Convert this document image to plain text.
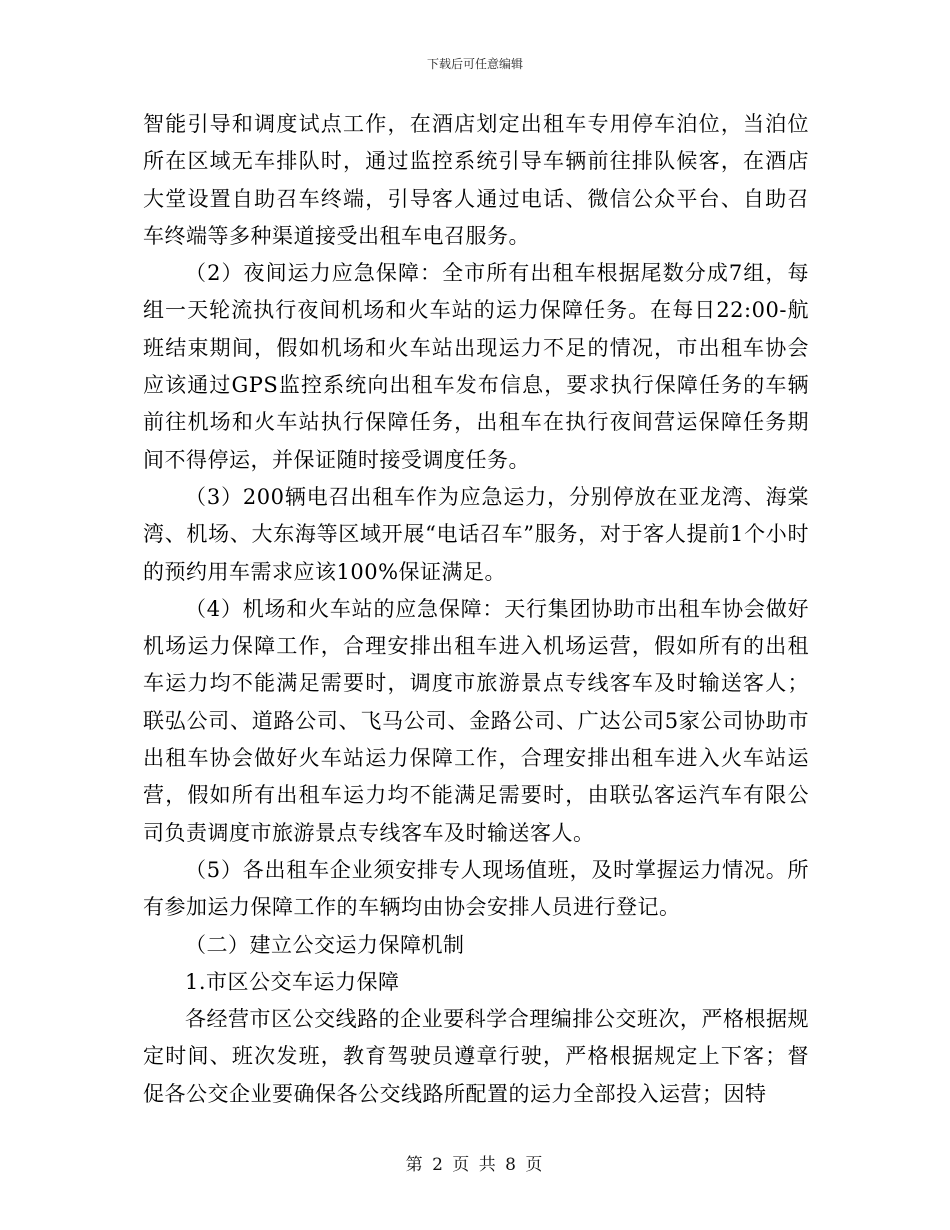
下载后可任意编辑

智能引导和调度试点工作，在酒店划定出租车专用停车泊位，当泊位所在区域无车排队时，通过监控系统引导车辆前往排队候客，在酒店大堂设置自助召车终端，引导客人通过电话、微信公众平台、自助召车终端等多种渠道接受出租车电召服务。

（2）夜间运力应急保障：全市所有出租车根据尾数分成7组，每组一天轮流执行夜间机场和火车站的运力保障任务。在每日22:00-航班结束期间，假如机场和火车站出现运力不足的情况，市出租车协会应该通过GPS监控系统向出租车发布信息，要求执行保障任务的车辆前往机场和火车站执行保障任务，出租车在执行夜间营运保障任务期间不得停运，并保证随时接受调度任务。

（3）200辆电召出租车作为应急运力，分别停放在亚龙湾、海棠湾、机场、大东海等区域开展“电话召车”服务，对于客人提前1个小时的预约用车需求应该100%保证满足。

（4）机场和火车站的应急保障：天行集团协助市出租车协会做好机场运力保障工作，合理安排出租车进入机场运营，假如所有的出租车运力均不能满足需要时，调度市旅游景点专线客车及时输送客人；联弘公司、道路公司、飞马公司、金路公司、广达公司5家公司协助市出租车协会做好火车站运力保障工作，合理安排出租车进入火车站运营，假如所有出租车运力均不能满足需要时，由联弘客运汽车有限公司负责调度市旅游景点专线客车及时输送客人。

（5）各出租车企业须安排专人现场值班，及时掌握运力情况。所有参加运力保障工作的车辆均由协会安排人员进行登记。

（二）建立公交运力保障机制

1.市区公交车运力保障

各经营市区公交线路的企业要科学合理编排公交班次，严格根据规定时间、班次发班，教育驾驶员遵章行驶，严格根据规定上下客；督促各公交企业要确保各公交线路所配置的运力全部投入运营；因特

第 2 页 共 8 页
